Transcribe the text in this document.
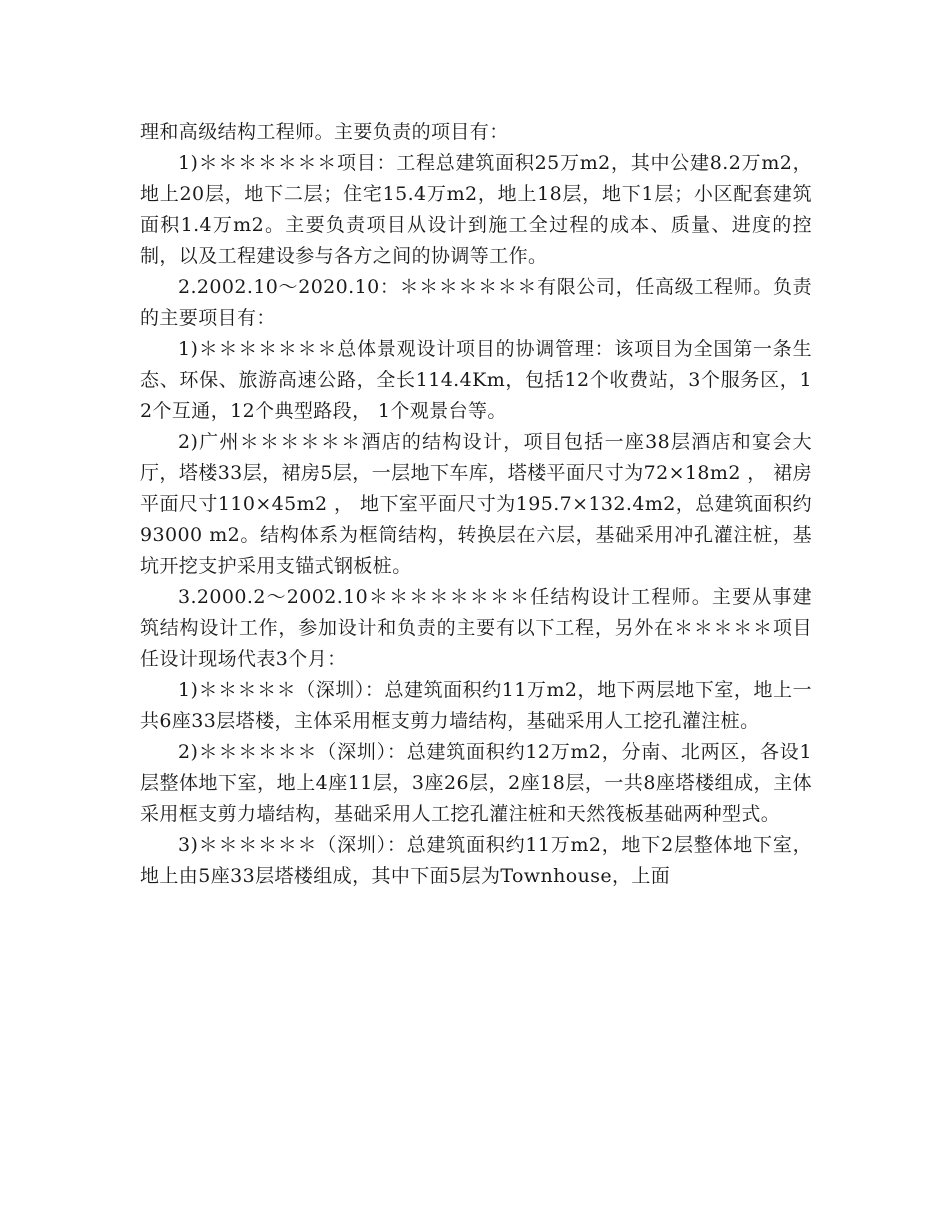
理和高级结构工程师。主要负责的项目有：

1)＊＊＊＊＊＊＊项目：工程总建筑面积25万m2，其中公建8.2万m2，地上20层，地下二层；住宅15.4万m2，地上18层，地下1层；小区配套建筑面积1.4万m2。主要负责项目从设计到施工全过程的成本、质量、进度的控制，以及工程建设参与各方之间的协调等工作。

2.2002.10～2020.10：＊＊＊＊＊＊＊有限公司，任高级工程师。负责的主要项目有：

1)＊＊＊＊＊＊＊总体景观设计项目的协调管理：该项目为全国第一条生态、环保、旅游高速公路，全长114.4Km，包括12个收费站，3个服务区，12个互通，12个典型路段， 1个观景台等。

2)广州＊＊＊＊＊＊酒店的结构设计，项目包括一座38层酒店和宴会大厅，塔楼33层，裙房5层，一层地下车库，塔楼平面尺寸为72×18m2 ， 裙房平面尺寸110×45m2 ， 地下室平面尺寸为195.7×132.4m2，总建筑面积约93000 m2。结构体系为框筒结构，转换层在六层，基础采用冲孔灌注桩，基坑开挖支护采用支锚式钢板桩。

3.2000.2～2002.10＊＊＊＊＊＊＊＊任结构设计工程师。主要从事建筑结构设计工作，参加设计和负责的主要有以下工程，另外在＊＊＊＊＊项目任设计现场代表3个月：

1)＊＊＊＊＊（深圳）：总建筑面积约11万m2，地下两层地下室，地上一共6座33层塔楼，主体采用框支剪力墙结构，基础采用人工挖孔灌注桩。

2)＊＊＊＊＊＊（深圳）：总建筑面积约12万m2，分南、北两区，各设1层整体地下室，地上4座11层，3座26层，2座18层，一共8座塔楼组成，主体采用框支剪力墙结构，基础采用人工挖孔灌注桩和天然筏板基础两种型式。

3)＊＊＊＊＊＊（深圳）：总建筑面积约11万m2，地下2层整体地下室，地上由5座33层塔楼组成，其中下面5层为Townhouse，上面
